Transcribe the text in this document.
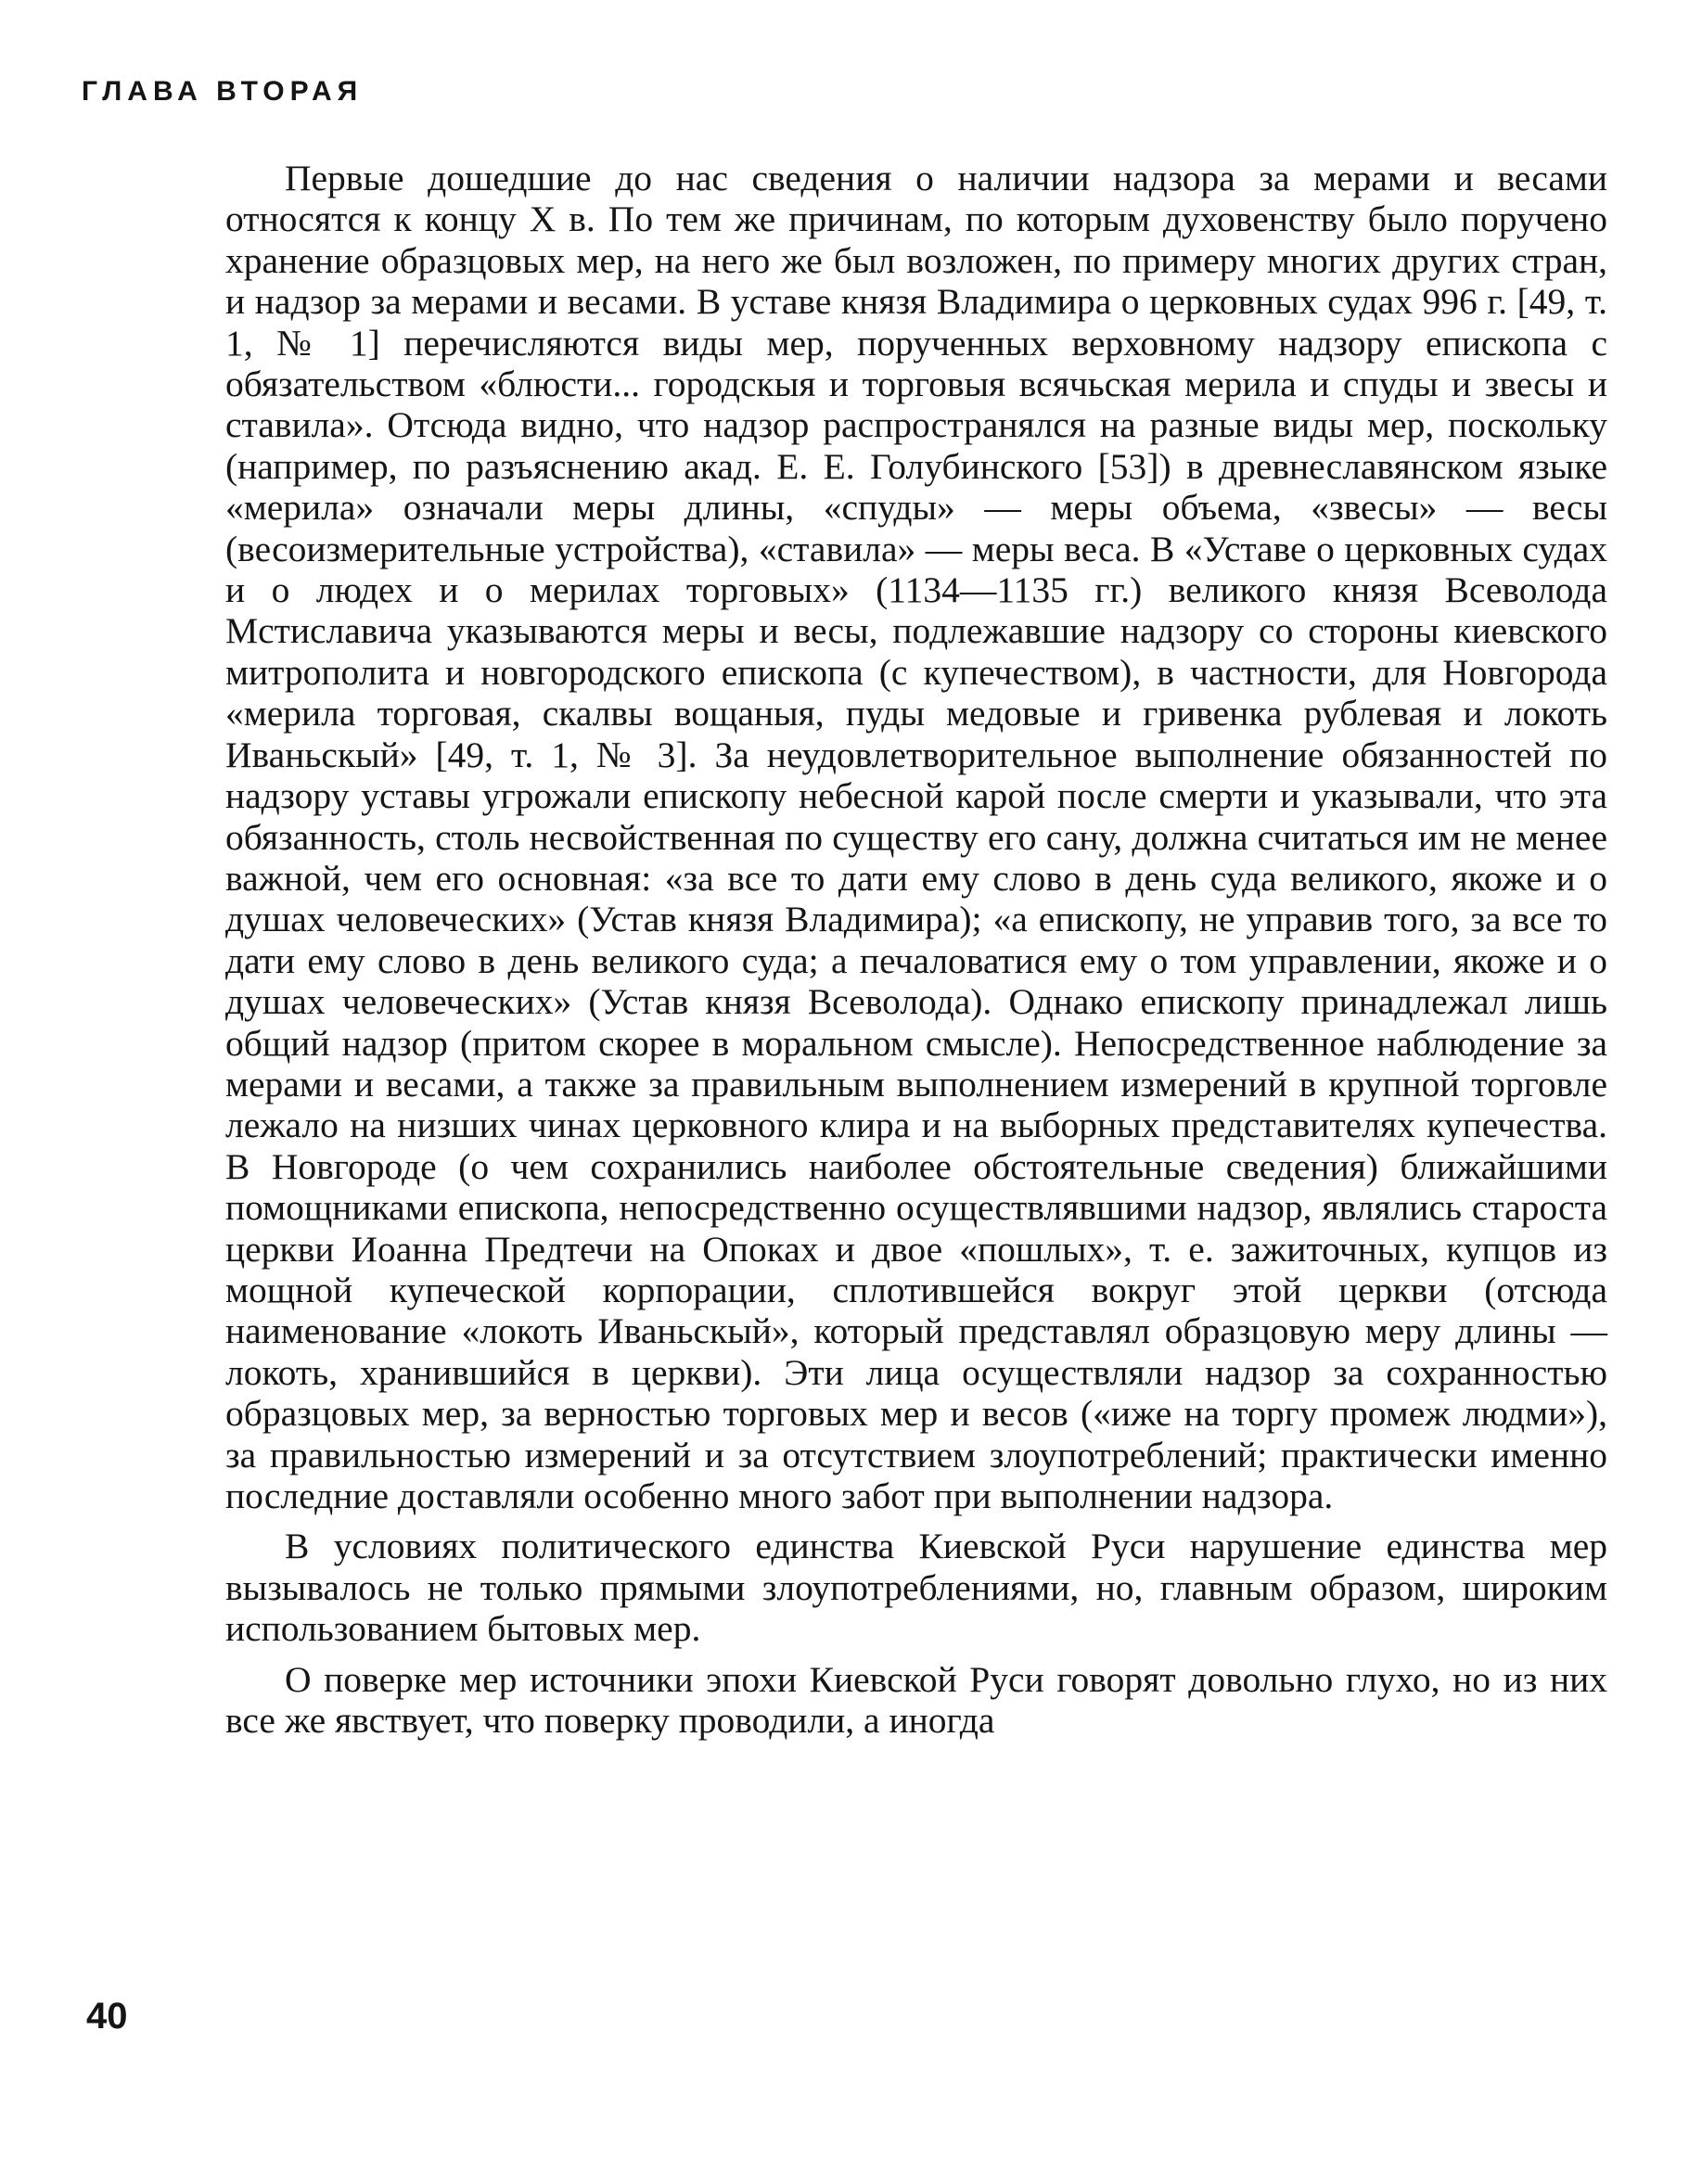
ГЛАВА ВТОРАЯ

Первые дошедшие до нас сведения о наличии надзора за мерами и весами относятся к концу X в. По тем же причинам, по которым духовенству было поручено хранение образцовых мер, на него же был возложен, по примеру многих других стран, и надзор за мерами и весами. В уставе князя Владимира о церковных судах 996 г. [49, т. 1, № 1] перечисляются виды мер, порученных верховному надзору епископа с обязательством «блюсти... городскыя и торговыя всячьская мерила и спуды и звесы и ставила». Отсюда видно, что надзор распространялся на разные виды мер, поскольку (например, по разъяснению акад. Е. Е. Голубинского [53]) в древнеславянском языке «мерила» означали меры длины, «спуды» — меры объема, «звесы» — весы (весоизмерительные устройства), «ставила» — меры веса. В «Уставе о церковных судах и о людех и о мерилах торговых» (1134—1135 гг.) великого князя Всеволода Мстиславича указываются меры и весы, подлежавшие надзору со стороны киевского митрополита и новгородского епископа (с купечеством), в частности, для Новгорода «мерила торговая, скалвы вощаныя, пуды медовые и гривенка рублевая и локоть Иваньскый» [49, т. 1, № 3]. За неудовлетворительное выполнение обязанностей по надзору уставы угрожали епископу небесной карой после смерти и указывали, что эта обязанность, столь несвойственная по существу его сану, должна считаться им не менее важной, чем его основная: «за все то дати ему слово в день суда великого, якоже и о душах человеческих» (Устав князя Владимира); «а епископу, не управив того, за все то дати ему слово в день великого суда; а печаловатися ему о том управлении, якоже и о душах человеческих» (Устав князя Всеволода). Однако епископу принадлежал лишь общий надзор (притом скорее в моральном смысле). Непосредственное наблюдение за мерами и весами, а также за правильным выполнением измерений в крупной торговле лежало на низших чинах церковного клира и на выборных представителях купечества. В Новгороде (о чем сохранились наиболее обстоятельные сведения) ближайшими помощниками епископа, непосредственно осуществлявшими надзор, являлись староста церкви Иоанна Предтечи на Опоках и двое «пошлых», т. е. зажиточных, купцов из мощной купеческой корпорации, сплотившейся вокруг этой церкви (отсюда наименование «локоть Иваньскый», который представлял образцовую меру длины — локоть, хранившийся в церкви). Эти лица осуществляли надзор за сохранностью образцовых мер, за верностью торговых мер и весов («иже на торгу промеж людми»), за правильностью измерений и за отсутствием злоупотреблений; практически именно последние доставляли особенно много забот при выполнении надзора.

В условиях политического единства Киевской Руси нарушение единства мер вызывалось не только прямыми злоупотреблениями, но, главным образом, широким использованием бытовых мер.

О поверке мер источники эпохи Киевской Руси говорят довольно глухо, но из них все же явствует, что поверку проводили, а иногда

40
